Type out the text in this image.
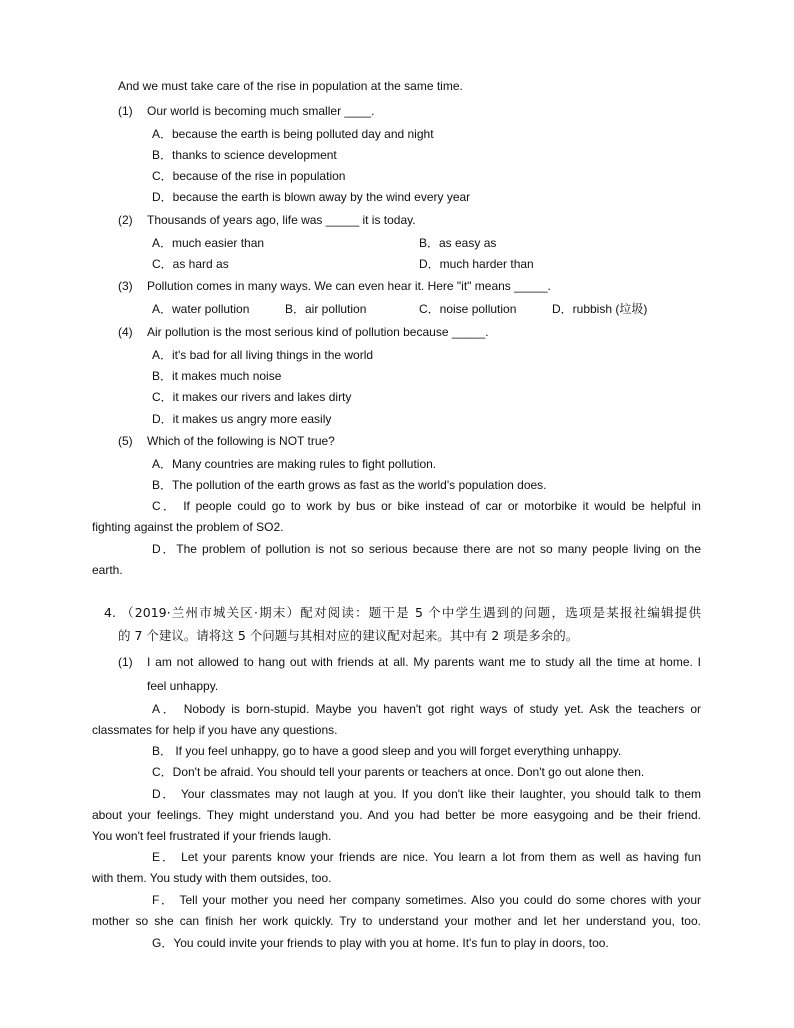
And we must take care of the rise in population at the same time.
(1) Our world is becoming much smaller ____.
A．because the earth is being polluted day and night
B．thanks to science development
C．because of the rise in population
D．because the earth is blown away by the wind every year
(2) Thousands of years ago, life was _____ it is today.
A．much easier than	B．as easy as
C．as hard as	D．much harder than
(3) Pollution comes in many ways. We can even hear it. Here "it" means _____.
A．water pollution	B．air pollution	C．noise pollution	D．rubbish (垃圾)
(4) Air pollution is the most serious kind of pollution because _____.
A．it's bad for all living things in the world
B．it makes much noise
C．it makes our rivers and lakes dirty
D．it makes us angry more easily
(5) Which of the following is NOT true?
A．Many countries are making rules to fight pollution.
B．The pollution of the earth grows as fast as the world's population does.
C． If people could go to work by bus or bike instead of car or motorbike it would be helpful in
fighting against the problem of SO2.
D．The problem of pollution is not so serious because there are not so many people living on the
earth.
4. （2019·兰州市城关区·期末）配对阅读：题干是 5 个中学生遇到的问题，选项是某报社编辑提供
的 7 个建议。请将这 5 个问题与其相对应的建议配对起来。其中有 2 项是多余的。
(1) I am not allowed to hang out with friends at all. My parents want me to study all the time at home. I
feel unhappy.
A． Nobody is born-stupid. Maybe you haven't got right ways of study yet. Ask the teachers or
classmates for help if you have any questions.
B． If you feel unhappy, go to have a good sleep and you will forget everything unhappy.
C．Don't be afraid. You should tell your parents or teachers at once. Don't go out alone then.
D． Your classmates may not laugh at you. If you don't like their laughter, you should talk to them
about your feelings. They might understand you. And you had better be more easygoing and be their friend.
You won't feel frustrated if your friends laugh.
E． Let your parents know your friends are nice. You learn a lot from them as well as having fun
with them. You study with them outsides, too.
F． Tell your mother you need her company sometimes. Also you could do some chores with your
mother so she can finish her work quickly. Try to understand your mother and let her understand you, too.
G．You could invite your friends to play with you at home. It's fun to play in doors, too.
